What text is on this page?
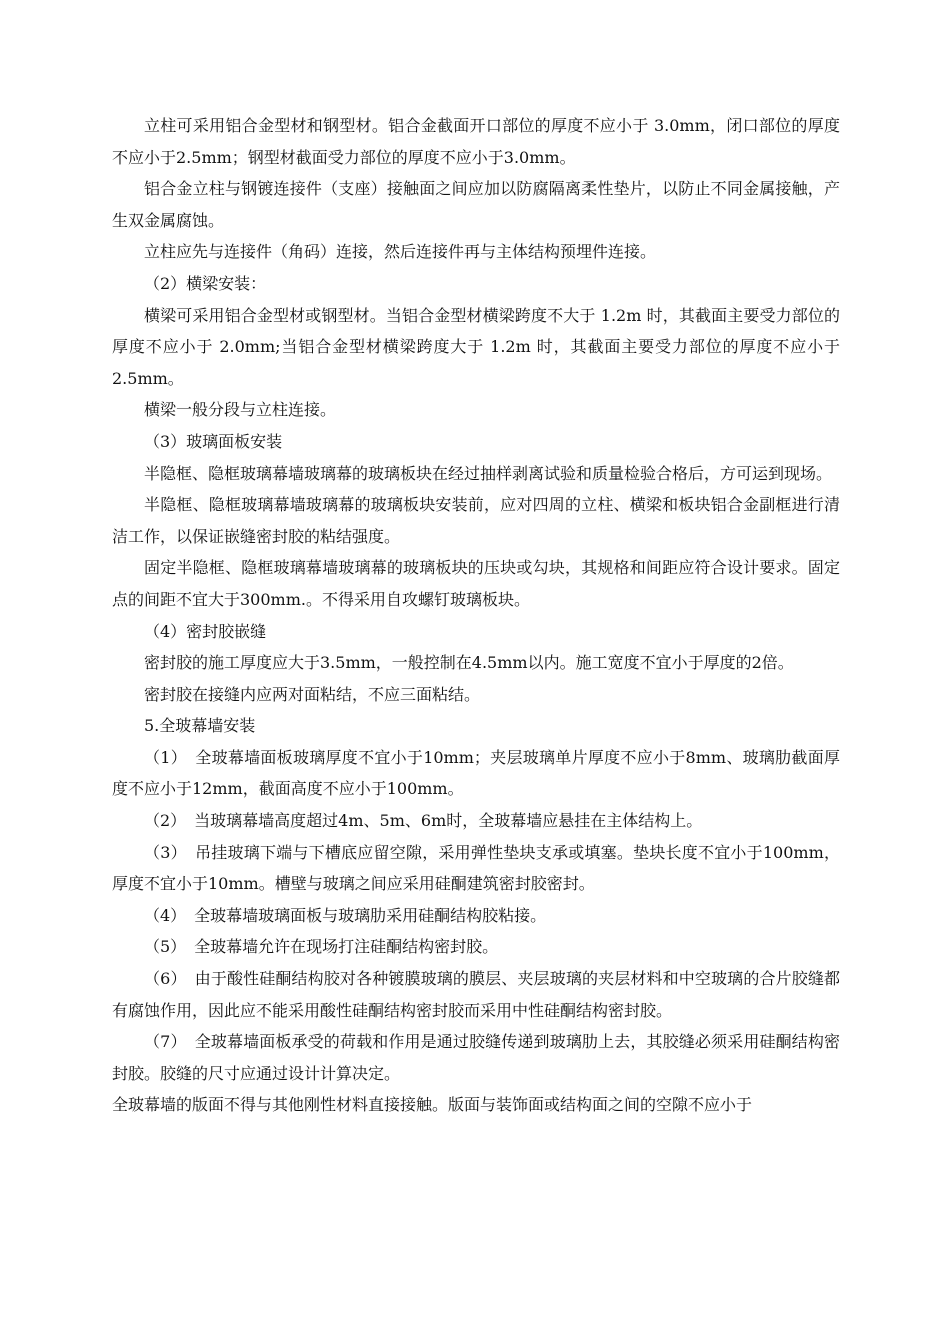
立柱可采用铝合金型材和钢型材。铝合金截面开口部位的厚度不应小于 3.0mm，闭口部位的厚度不应小于2.5mm；钢型材截面受力部位的厚度不应小于3.0mm。

铝合金立柱与钢镀连接件（支座）接触面之间应加以防腐隔离柔性垫片，以防止不同金属接触，产生双金属腐蚀。

立柱应先与连接件（角码）连接，然后连接件再与主体结构预埋件连接。

（2）横梁安装：

横梁可采用铝合金型材或钢型材。当铝合金型材横梁跨度不大于 1.2m 时，其截面主要受力部位的厚度不应小于 2.0mm;当铝合金型材横梁跨度大于 1.2m 时，其截面主要受力部位的厚度不应小于2.5mm。

横梁一般分段与立柱连接。

（3）玻璃面板安装

半隐框、隐框玻璃幕墙玻璃幕的玻璃板块在经过抽样剥离试验和质量检验合格后，方可运到现场。

半隐框、隐框玻璃幕墙玻璃幕的玻璃板块安装前，应对四周的立柱、横梁和板块铝合金副框进行清洁工作，以保证嵌缝密封胶的粘结强度。

固定半隐框、隐框玻璃幕墙玻璃幕的玻璃板块的压块或勾块，其规格和间距应符合设计要求。固定点的间距不宜大于300mm.。不得采用自攻螺钉玻璃板块。

（4）密封胶嵌缝

密封胶的施工厚度应大于3.5mm，一般控制在4.5mm以内。施工宽度不宜小于厚度的2倍。

密封胶在接缝内应两对面粘结，不应三面粘结。

5.全玻幕墙安装

（1）　全玻幕墙面板玻璃厚度不宜小于10mm；夹层玻璃单片厚度不应小于8mm、玻璃肋截面厚度不应小于12mm，截面高度不应小于100mm。

（2）　当玻璃幕墙高度超过4m、5m、6m时，全玻幕墙应悬挂在主体结构上。

（3）　吊挂玻璃下端与下槽底应留空隙，采用弹性垫块支承或填塞。垫块长度不宜小于100mm，厚度不宜小于10mm。槽壁与玻璃之间应采用硅酮建筑密封胶密封。

（4）　全玻幕墙玻璃面板与玻璃肋采用硅酮结构胶粘接。

（5）　全玻幕墙允许在现场打注硅酮结构密封胶。

（6）　由于酸性硅酮结构胶对各种镀膜玻璃的膜层、夹层玻璃的夹层材料和中空玻璃的合片胶缝都有腐蚀作用，因此应不能采用酸性硅酮结构密封胶而采用中性硅酮结构密封胶。

（7）　全玻幕墙面板承受的荷载和作用是通过胶缝传递到玻璃肋上去，其胶缝必须采用硅酮结构密封胶。胶缝的尺寸应通过设计计算决定。

全玻幕墙的版面不得与其他刚性材料直接接触。版面与装饰面或结构面之间的空隙不应小于
